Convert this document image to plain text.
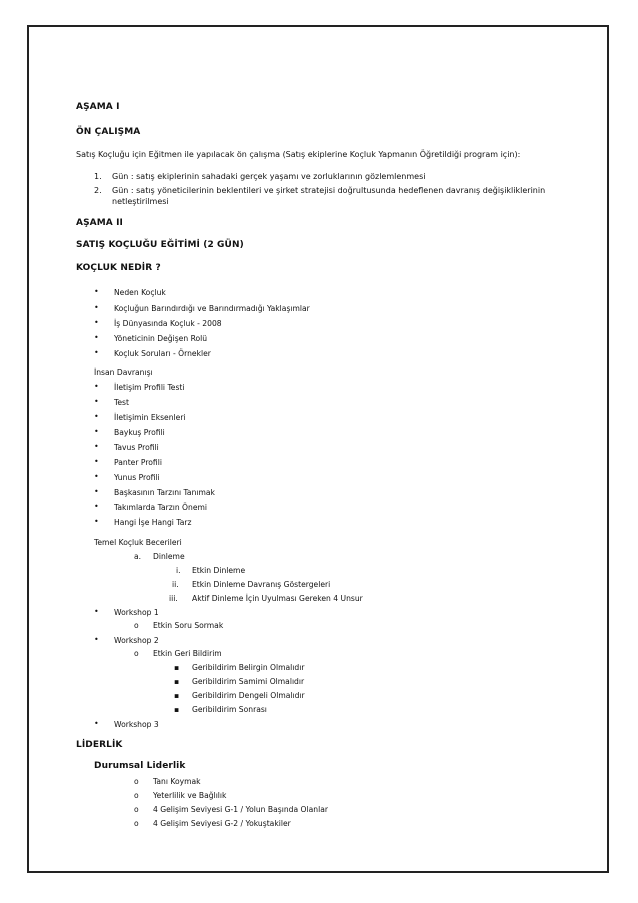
AŞAMA I
ÖN ÇALIŞMA
Satış Koçluğu için Eğitmen ile yapılacak ön çalışma (Satış ekiplerine Koçluk Yapmanın Öğretildiği program için):
1. Gün : satış ekiplerinin sahadaki gerçek yaşamı ve zorluklarının gözlemlenmesi
2. Gün : satış yöneticilerinin beklentileri ve şirket stratejisi doğrultusunda hedeflenen davranış değişikliklerinin
netleştirilmesi
AŞAMA II
SATIŞ KOÇLUĞU EĞİTİMİ (2 GÜN)
KOÇLUK NEDİR ?
• Neden Koçluk
• Koçluğun Barındırdığı ve Barındırmadığı Yaklaşımlar
• İş Dünyasında Koçluk - 2008
• Yöneticinin Değişen Rolü
• Koçluk Soruları - Örnekler
İnsan Davranışı
• İletişim Profili Testi
• Test
• İletişimin Eksenleri
• Baykuş Profili
• Tavus Profili
• Panter Profili
• Yunus Profili
• Başkasının Tarzını Tanımak
• Takımlarda Tarzın Önemi
• Hangi İşe Hangi Tarz
Temel Koçluk Becerileri
a. Dinleme
i. Etkin Dinleme
ii. Etkin Dinleme Davranış Göstergeleri
iii. Aktif Dinleme İçin Uyulması Gereken 4 Unsur
• Workshop 1
o Etkin Soru Sormak
• Workshop 2
o Etkin Geri Bildirim
▪ Geribildirim Belirgin Olmalıdır
▪ Geribildirim Samimi Olmalıdır
▪ Geribildirim Dengeli Olmalıdır
▪ Geribildirim Sonrası
• Workshop 3
LİDERLİK
Durumsal Liderlik
o Tanı Koymak
o Yeterlilik ve Bağlılık
o 4 Gelişim Seviyesi G-1 / Yolun Başında Olanlar
o 4 Gelişim Seviyesi G-2 / Yokuştakiler
